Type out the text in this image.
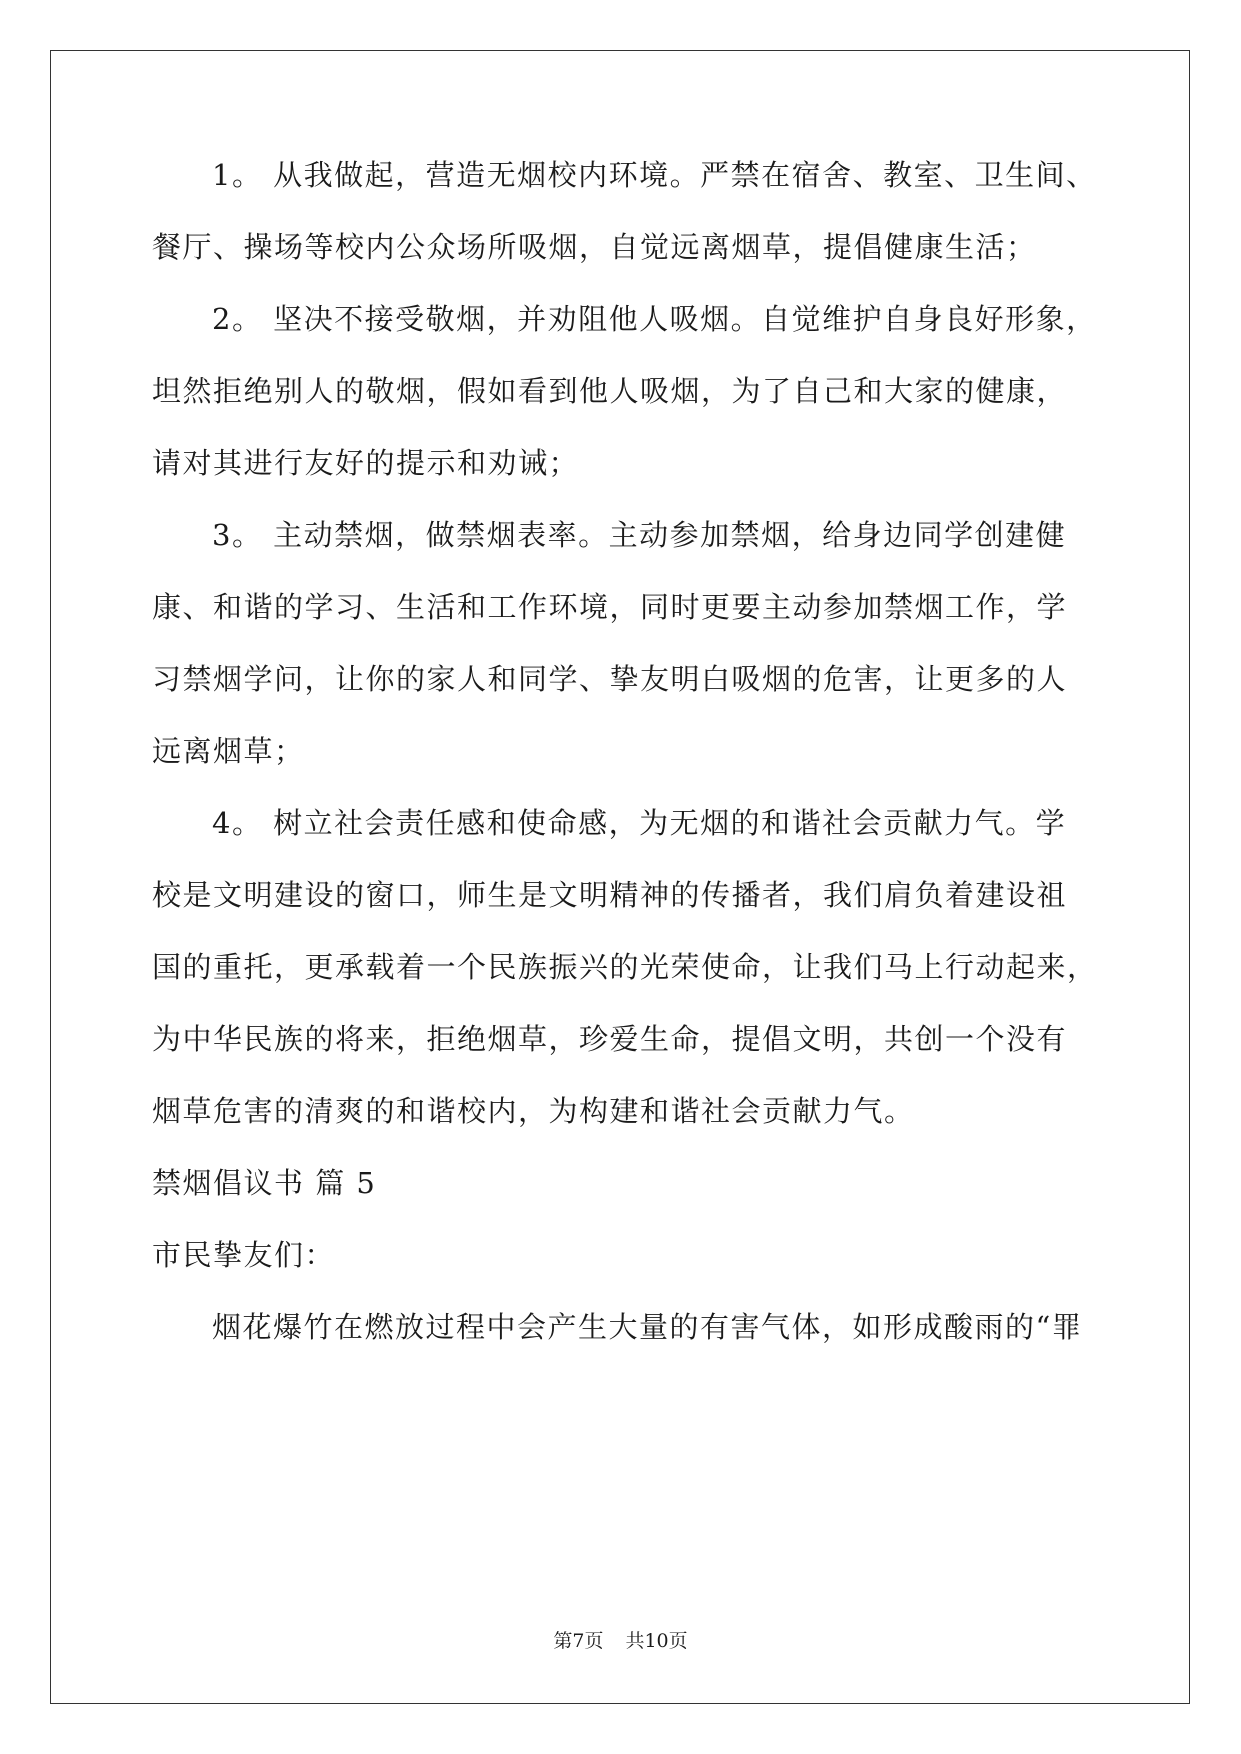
1。 从我做起，营造无烟校内环境。严禁在宿舍、教室、卫生间、
餐厅、操场等校内公众场所吸烟，自觉远离烟草，提倡健康生活；
2。 坚决不接受敬烟，并劝阻他人吸烟。自觉维护自身良好形象，
坦然拒绝别人的敬烟，假如看到他人吸烟，为了自己和大家的健康，
请对其进行友好的提示和劝诫；
3。 主动禁烟，做禁烟表率。主动参加禁烟，给身边同学创建健
康、和谐的学习、生活和工作环境，同时更要主动参加禁烟工作，学
习禁烟学问，让你的家人和同学、挚友明白吸烟的危害，让更多的人
远离烟草；
4。 树立社会责任感和使命感，为无烟的和谐社会贡献力气。学
校是文明建设的窗口，师生是文明精神的传播者，我们肩负着建设祖
国的重托，更承载着一个民族振兴的光荣使命，让我们马上行动起来，
为中华民族的将来，拒绝烟草，珍爱生命，提倡文明，共创一个没有
烟草危害的清爽的和谐校内，为构建和谐社会贡献力气。
禁烟倡议书 篇 5
市民挚友们：
烟花爆竹在燃放过程中会产生大量的有害气体，如形成酸雨的“罪
第7页 共10页
